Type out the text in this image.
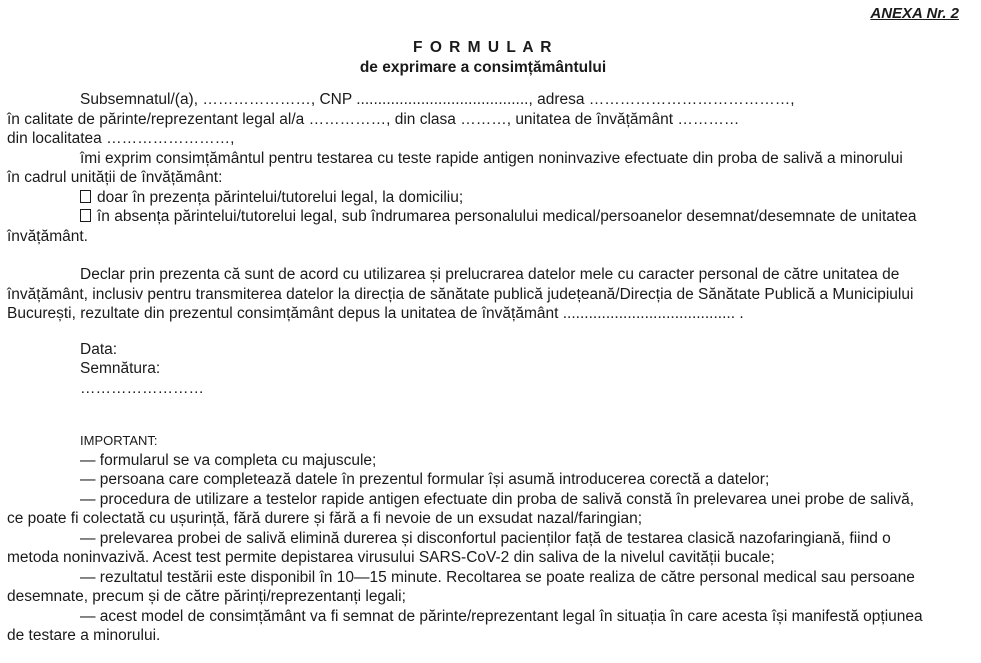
ANEXA Nr. 2
F O R M U L A R
de exprimare a consimțământului
Subsemnatul/(a), …………………, CNP ........................................, adresa …………………………………,
în calitate de părinte/reprezentant legal al/a ……………, din clasa ………, unitatea de învățământ …………
din localitatea ……………………,
îmi exprim consimțământul pentru testarea cu teste rapide antigen noninvazive efectuate din proba de salivă a minorului
în cadrul unității de învățământ:
doar în prezența părintelui/tutorelui legal, la domiciliu;
în absența părintelui/tutorelui legal, sub îndrumarea personalului medical/persoanelor desemnat/desemnate de unitatea
învățământ.
Declar prin prezenta că sunt de acord cu utilizarea și prelucrarea datelor mele cu caracter personal de către unitatea de
învățământ, inclusiv pentru transmiterea datelor la direcția de sănătate publică județeană/Direcția de Sănătate Publică a Municipiului
București, rezultate din prezentul consimțământ depus la unitatea de învățământ ........................................ .
Data:
Semnătura:
……………………
IMPORTANT:
— formularul se va completa cu majuscule;
— persoana care completează datele în prezentul formular își asumă introducerea corectă a datelor;
— procedura de utilizare a testelor rapide antigen efectuate din proba de salivă constă în prelevarea unei probe de salivă,
ce poate fi colectată cu ușurință, fără durere și fără a fi nevoie de un exsudat nazal/faringian;
— prelevarea probei de salivă elimină durerea și disconfortul pacienților față de testarea clasică nazofaringiană, fiind o
metoda noninvazivă. Acest test permite depistarea virusului SARS-CoV-2 din saliva de la nivelul cavității bucale;
— rezultatul testării este disponibil în 10—15 minute. Recoltarea se poate realiza de către personal medical sau persoane
desemnate, precum și de către părinți/reprezentanți legali;
— acest model de consimțământ va fi semnat de părinte/reprezentant legal în situația în care acesta își manifestă opțiunea
de testare a minorului.
